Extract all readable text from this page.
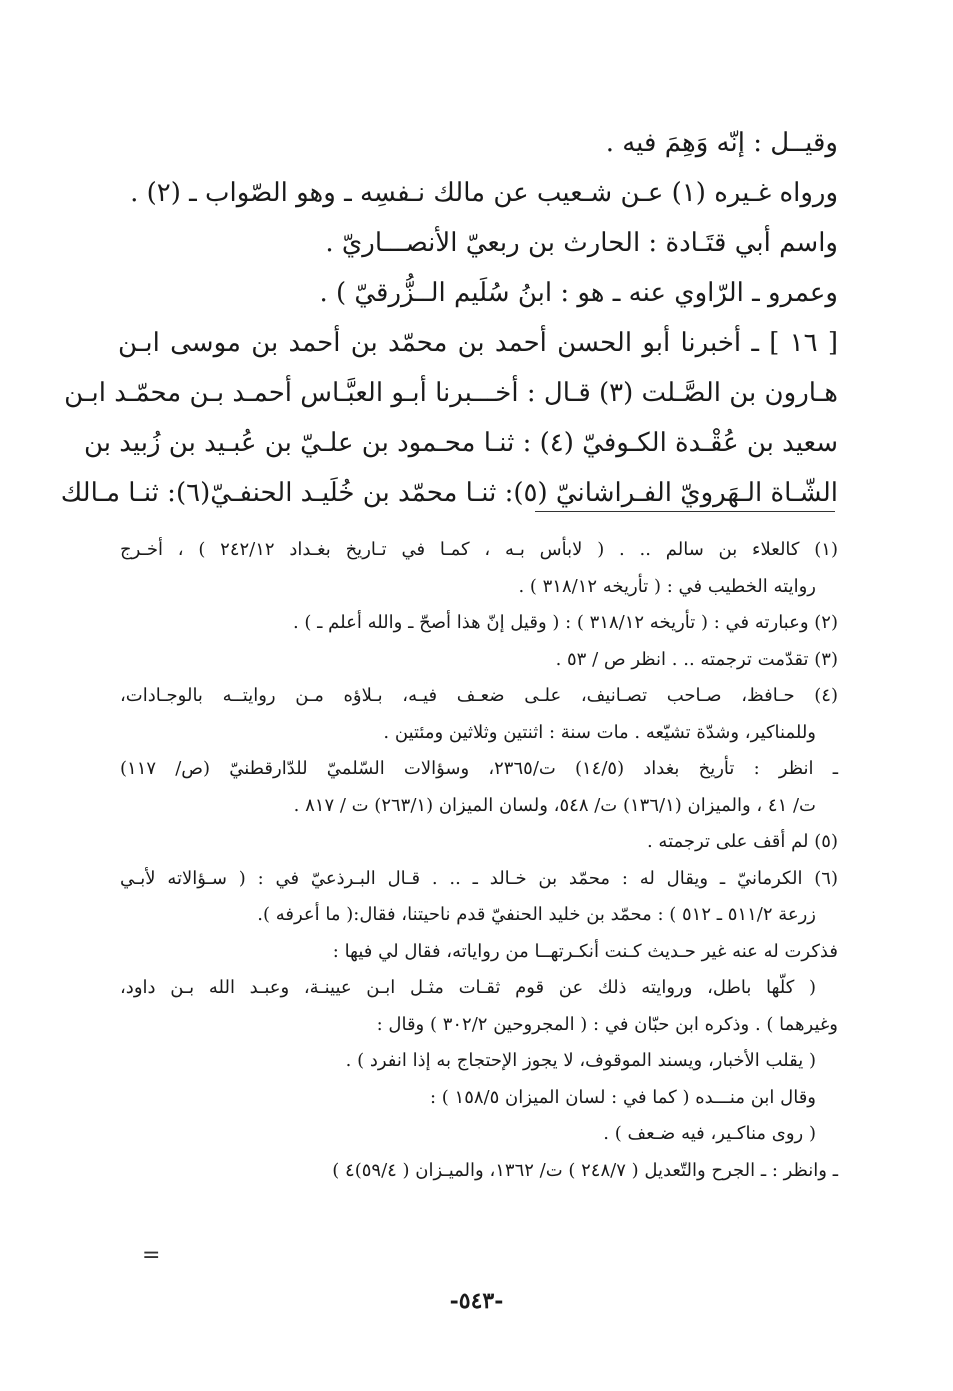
وقيــل : إنّه وَهِمَ فيه .
ورواه غـيره (١) عـن شـعيب عن مالك نـفسِه ـ وهو الصّواب ـ (٢) .
واسم أبي قتَـادة : الحارث بن ربعيّ الأنصـــاريّ .
وعمرو ـ الرّاوي عنه ـ هو : ابنُ سُلَيم الــزُّرقيّ ) .
[ ١٦ ] ـ أخبرنا أبو الحسن أحمد بن محمّد بن أحمد بن موسى ابـن
هـارون بن الصَّـلت (٣) قـال : أخـــبرنا أبـو العبَّـاس أحمـد بـن محمّـد ابـن
سعيد بن عُقْـدة الكـوفيّ (٤) : ثنـا محـمود بن علـيّ بن عُبـيد بن زُبيد بن
الشّـاة الـهَرويّ الفـراشانيّ (٥): ثنـا محمّد بن خُلَيـد الحنفـيّ(٦): ثنـا مـالك
(١) كالعلاء بن سالم .. . ( لابأس بـه ، كمـا في تـاريخ بغـداد ٢٤٢/١٢ ) ، أخـرج
روايته الخطيب في : ( تأريخه ٣١٨/١٢ ) .
(٢) وعبارته في : ( تأريخه ٣١٨/١٢ ) : ( وقيل إنّ هذا أصحّ ـ والله أعلم ـ ) .
(٣) تقدّمت ترجمته .. . انظر ص / ٥٣ .
(٤) حـافظ، صـاحب تصـانيف، علـى ضعـف فيـه، بـلاؤه مـن روايتــه بالوجـادات،
وللمناكير، وشدّة تشيّعه . مات سنة : اثنتين وثلاثين ومئتين .
ـ انظر : تأريخ بغداد (١٤/٥) ت/٢٣٦٥، وسؤالات السّلميّ للدّارقطنيّ (ص/ ١١٧)
ت/ ٤١ ، والميزان (١٣٦/١) ت/ ٥٤٨، ولسان الميزان (٢٦٣/١) ت / ٨١٧ .
(٥) لم أقف على ترجمته .
(٦) الكرمانيّ ـ ويقال له : محمّد بن خـالد ـ .. . قـال البـرذعيّ في : ( سـؤالاته لأبـي
زرعة ٥١١/٢ ـ ٥١٢ ) : محمّد بن خليد الحنفيّ قدم ناحيتنا، فقال:( ما أعرفه ).
فذكرت له عنه غير حـديث كـنت أنكـرتهــا من رواياته، فقال لي فيها :
( كلّها باطل، وروايته ذلك عن قوم ثقـات مثـل ابـن عيينـة، وعبـد الله بـن داود،
وغيرهما ) . وذكره ابن حبّان في : ( المجروحين ٣٠٢/٢ ) وقال :
( يقلب الأخبار، ويسند الموقوف، لا يجوز الإحتجاج به إذا انفرد ) .
وقال ابن منـــده ( كما في : لسان الميزان ١٥٨/٥ ) :
( روى مناكـير، فيه ضـعف ) .
ـ وانظر : ـ الجرح والتّعديل ( ٢٤٨/٧ ) ت/ ١٣٦٢، والميـزان ( ٥٩/٤)٤ )
=
-٥٤٣-
